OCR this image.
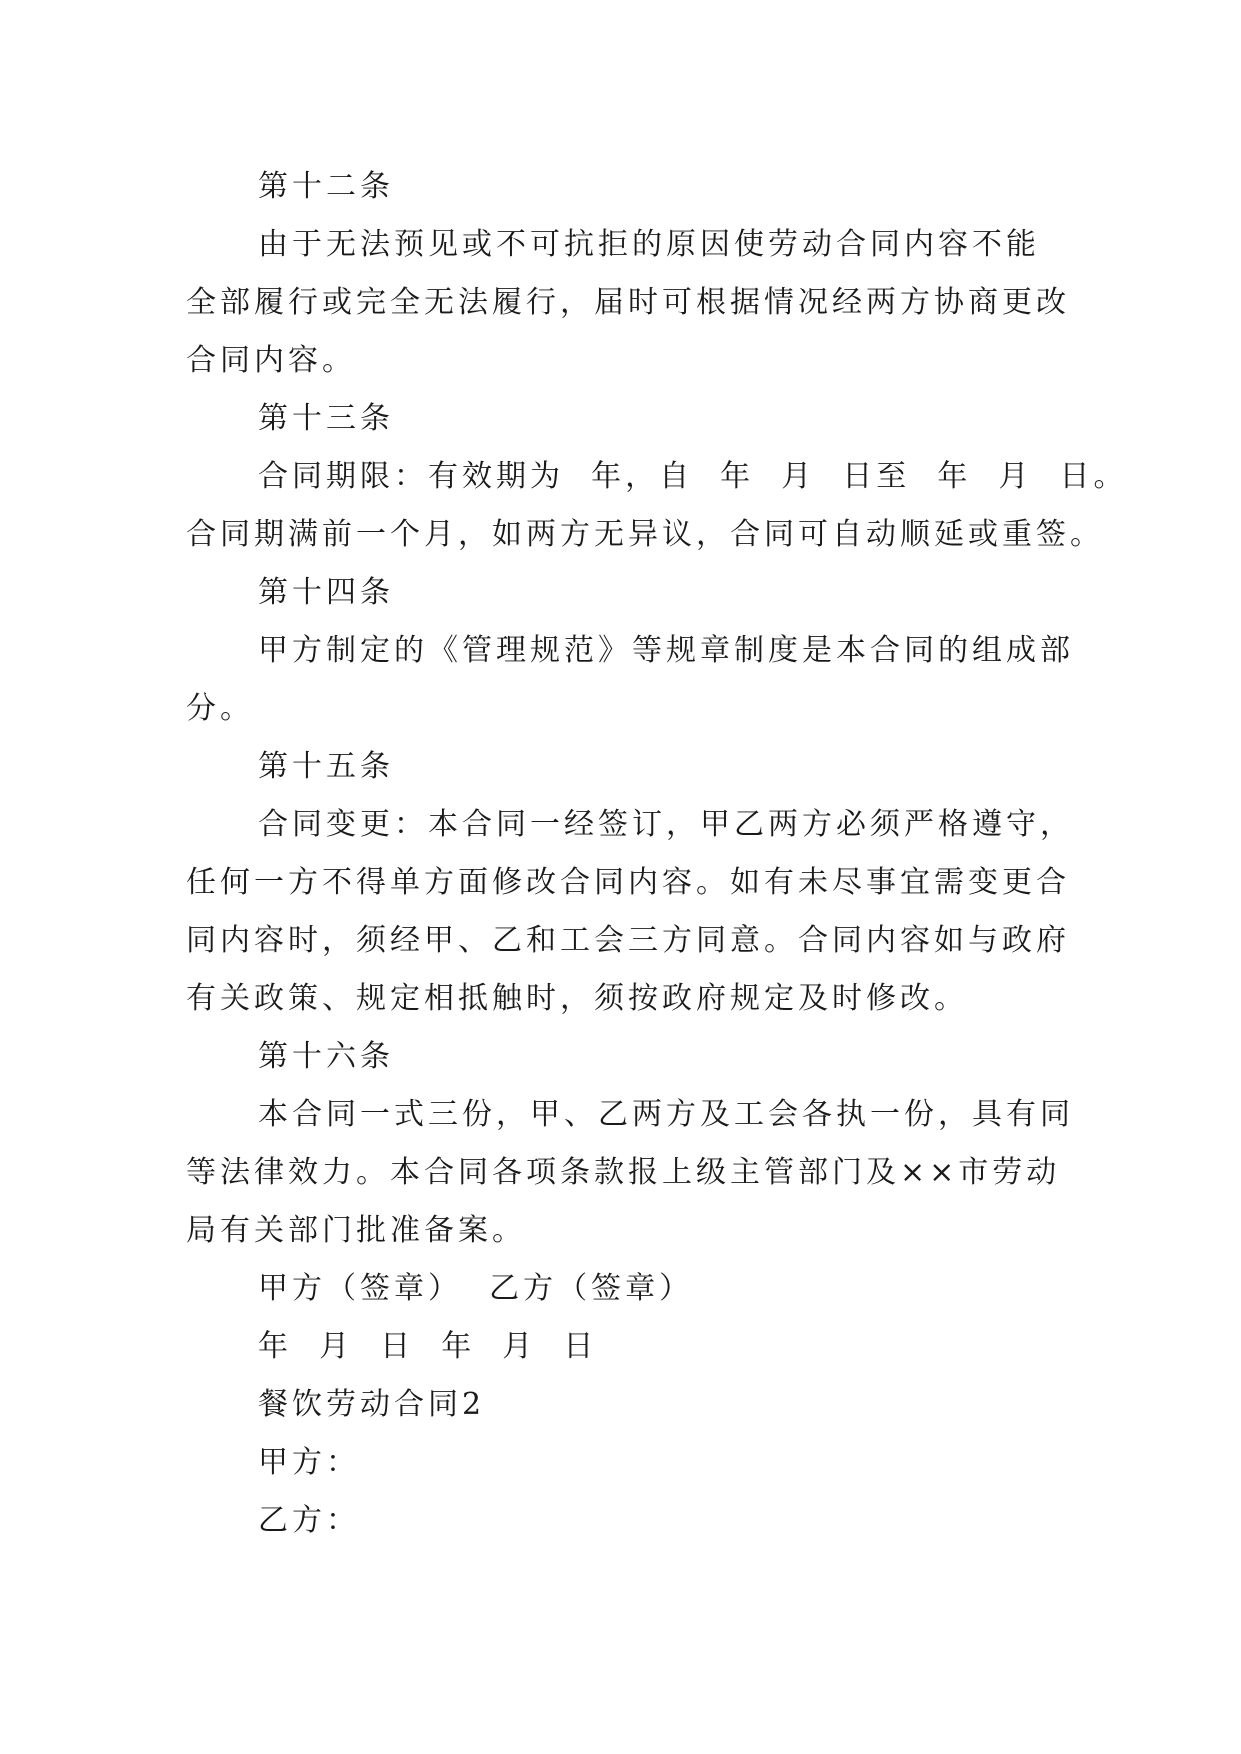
第十二条
由于无法预见或不可抗拒的原因使劳动合同内容不能
全部履行或完全无法履行，届时可根据情况经两方协商更改
合同内容。
第十三条
合同期限：有效期为  年，自  年  月  日至  年  月  日。
合同期满前一个月，如两方无异议，合同可自动顺延或重签。
第十四条
甲方制定的《管理规范》等规章制度是本合同的组成部
分。
第十五条
合同变更：本合同一经签订，甲乙两方必须严格遵守，
任何一方不得单方面修改合同内容。如有未尽事宜需变更合
同内容时，须经甲、乙和工会三方同意。合同内容如与政府
有关政策、规定相抵触时，须按政府规定及时修改。
第十六条
本合同一式三份，甲、乙两方及工会各执一份，具有同
等法律效力。本合同各项条款报上级主管部门及××市劳动
局有关部门批准备案。
甲方（签章）  乙方（签章）
年  月  日  年  月  日
餐饮劳动合同2
甲方：
乙方：
